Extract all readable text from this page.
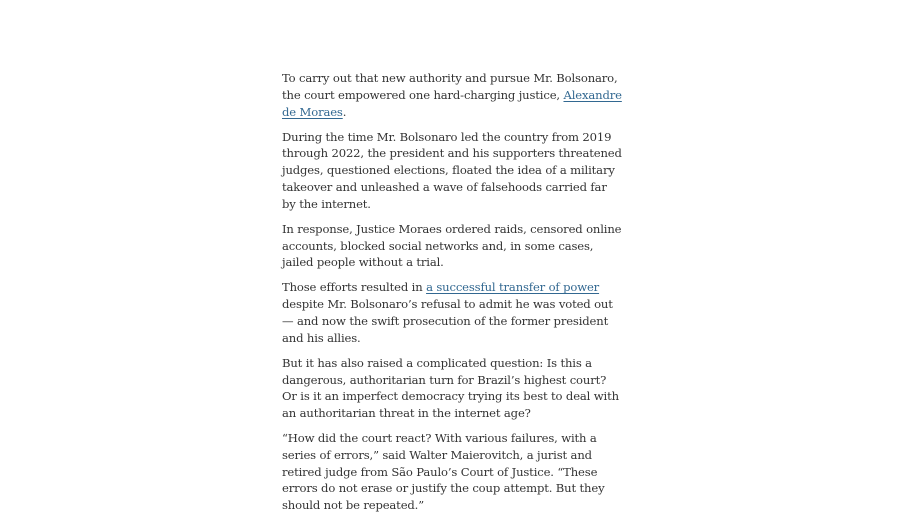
To carry out that new authority and pursue Mr. Bolsonaro, the court empowered one hard-charging justice, Alexandre de Moraes.

During the time Mr. Bolsonaro led the country from 2019 through 2022, the president and his supporters threatened judges, questioned elections, floated the idea of a military takeover and unleashed a wave of falsehoods carried far by the internet.

In response, Justice Moraes ordered raids, censored online accounts, blocked social networks and, in some cases, jailed people without a trial.

Those efforts resulted in a successful transfer of power despite Mr. Bolsonaro’s refusal to admit he was voted out — and now the swift prosecution of the former president and his allies.

But it has also raised a complicated question: Is this a dangerous, authoritarian turn for Brazil’s highest court? Or is it an imperfect democracy trying its best to deal with an authoritarian threat in the internet age?

“How did the court react? With various failures, with a series of errors,” said Walter Maierovitch, a jurist and retired judge from São Paulo’s Court of Justice. “These errors do not erase or justify the coup attempt. But they should not be repeated.”
